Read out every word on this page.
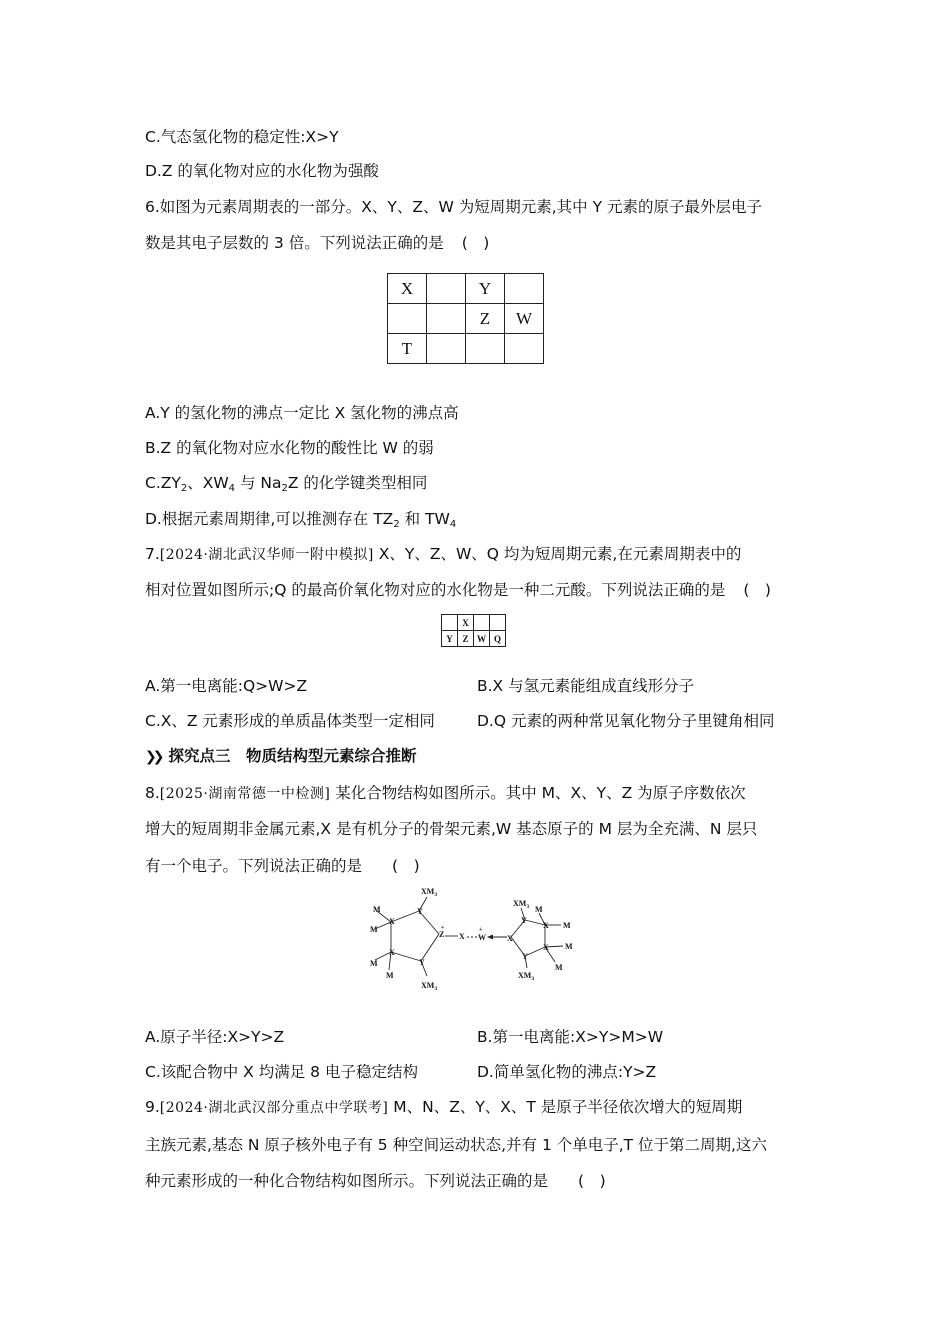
C.气态氢化物的稳定性:X>Y
D.Z 的氧化物对应的水化物为强酸
6.如图为元素周期表的一部分。X、Y、Z、W 为短周期元素,其中 Y 元素的原子最外层电子
数是其电子层数的 3 倍。下列说法正确的是 (　)
X		Y	
		Z	W
T			
A.Y 的氢化物的沸点一定比 X 氢化物的沸点高
B.Z 的氧化物对应水化物的酸性比 W 的弱
$C.ZY_2$、$XW_4$ 与 $Na_2Z$ 的化学键类型相同
D.根据元素周期律,可以推测存在 $TZ_2$ 和 $TW_4$
7.[2024·湖北武汉华师一附中模拟] X、Y、Z、W、Q 均为短周期元素,在元素周期表中的
相对位置如图所示;Q 的最高价氧化物对应的水化物是一种二元酸。下列说法正确的是 (　)
	X		
Y	Z	W	Q
A.第一电离能:Q>W>Z	B.X 与氢元素能组成直线形分子
C.X、Z 元素形成的单质晶体类型一定相同	D.Q 元素的两种常见氧化物分子里键角相同
❯❯ 探究点三　物质结构型元素综合推断
8.[2025·湖南常德一中检测] 某化合物结构如图所示。其中 M、X、Y、Z 为原子序数依次
增大的短周期非金属元素,X 是有机分子的骨架元素,W 基态原子的 M 层为全充满、N 层只
有一个电子。下列说法正确的是 (　)
$XM_3$
Y
M
X
M
Z
+
X
M
M
Y
$XM_3$
X W
+
X
$XM_3$
Y
M
X M
X M
M
Y
$XM_3$
A.原子半径:X>Y>Z	B.第一电离能:X>Y>M>W
C.该配合物中 X 均满足 8 电子稳定结构	D.简单氢化物的沸点:Y>Z
9.[2024·湖北武汉部分重点中学联考] M、N、Z、Y、X、T 是原子半径依次增大的短周期
主族元素,基态 N 原子核外电子有 5 种空间运动状态,并有 1 个单电子,T 位于第二周期,这六
种元素形成的一种化合物结构如图所示。下列说法正确的是 (　)
